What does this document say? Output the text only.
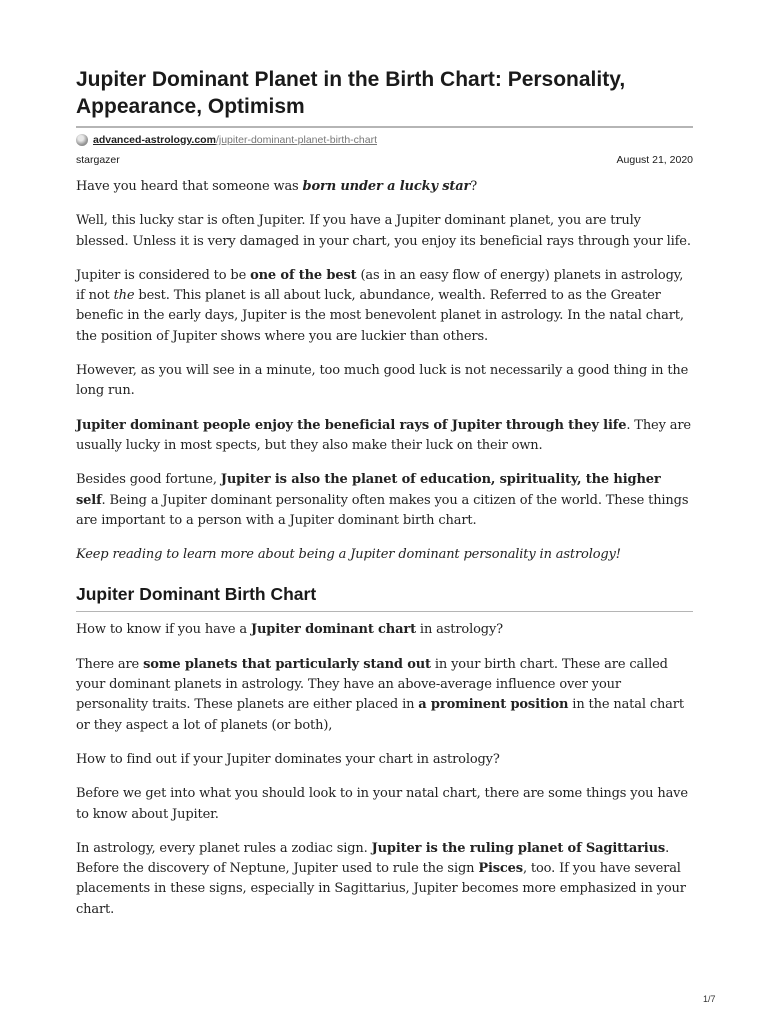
Jupiter Dominant Planet in the Birth Chart: Personality, Appearance, Optimism
advanced-astrology.com/jupiter-dominant-planet-birth-chart
stargazer	August 21, 2020

Have you heard that someone was born under a lucky star?

Well, this lucky star is often Jupiter. If you have a Jupiter dominant planet, you are truly blessed. Unless it is very damaged in your chart, you enjoy its beneficial rays through your life.

Jupiter is considered to be one of the best (as in an easy flow of energy) planets in astrology, if not the best. This planet is all about luck, abundance, wealth. Referred to as the Greater benefic in the early days, Jupiter is the most benevolent planet in astrology. In the natal chart, the position of Jupiter shows where you are luckier than others.

However, as you will see in a minute, too much good luck is not necessarily a good thing in the long run.

Jupiter dominant people enjoy the beneficial rays of Jupiter through they life. They are usually lucky in most spects, but they also make their luck on their own.

Besides good fortune, Jupiter is also the planet of education, spirituality, the higher self. Being a Jupiter dominant personality often makes you a citizen of the world. These things are important to a person with a Jupiter dominant birth chart.

Keep reading to learn more about being a Jupiter dominant personality in astrology!

Jupiter Dominant Birth Chart

How to know if you have a Jupiter dominant chart in astrology?

There are some planets that particularly stand out in your birth chart. These are called your dominant planets in astrology. They have an above-average influence over your personality traits. These planets are either placed in a prominent position in the natal chart or they aspect a lot of planets (or both),

How to find out if your Jupiter dominates your chart in astrology?

Before we get into what you should look to in your natal chart, there are some things you have to know about Jupiter.

In astrology, every planet rules a zodiac sign. Jupiter is the ruling planet of Sagittarius. Before the discovery of Neptune, Jupiter used to rule the sign Pisces, too. If you have several placements in these signs, especially in Sagittarius, Jupiter becomes more emphasized in your chart.

1/7
